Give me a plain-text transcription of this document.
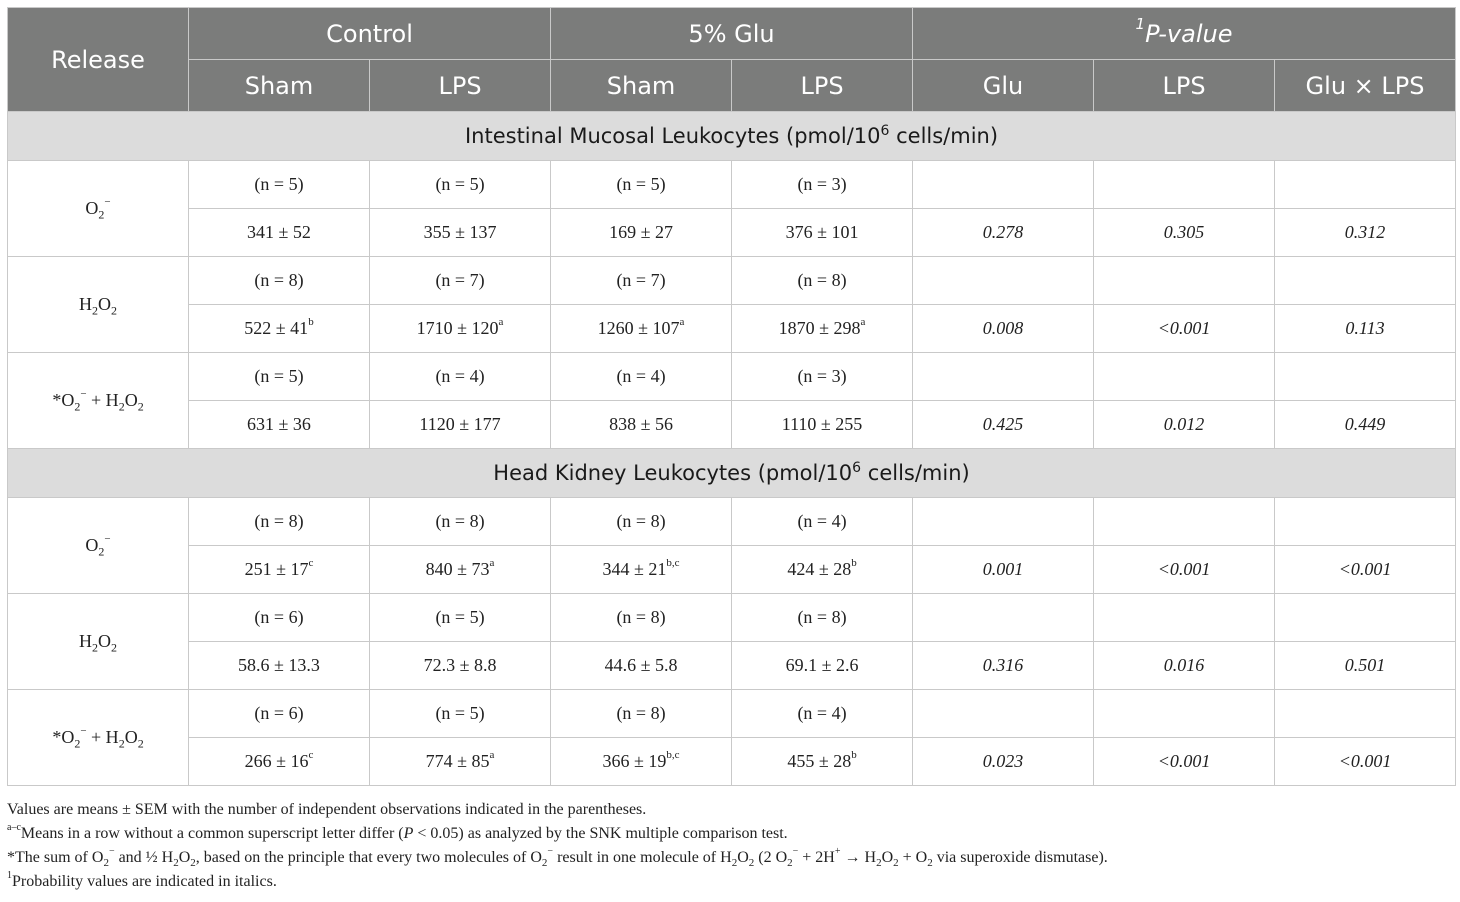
Release	Control		5% Glu		$^1$P-value		
	Sham	LPS	Sham	LPS	Glu	LPS	Glu × LPS
Intestinal Mucosal Leukocytes ($pmol/10^6$ cells/min)							
$O_2^-$	(n = 5)	(n = 5)	(n = 5)	(n = 3)			
	341 ± 52	355 ± 137	169 ± 27	376 ± 101	0.278	0.305	0.312
$H_2O_2$	(n = 8)	(n = 7)	(n = 7)	(n = 8)			
	$522 \pm 41^b$	$1710 \pm 120^a$	$1260 \pm 107^a$	$1870 \pm 298^a$	0.008	<0.001	0.113
$*O_2^- + H_2O_2$	(n = 5)	(n = 4)	(n = 4)	(n = 3)			
	631 ± 36	1120 ± 177	838 ± 56	1110 ± 255	0.425	0.012	0.449
Head Kidney Leukocytes ($pmol/10^6$ cells/min)							
$O_2^-$	(n = 8)	(n = 8)	(n = 8)	(n = 4)			
	$251 \pm 17^c$	$840 \pm 73^a$	$344 \pm 21^{b,c}$	$424 \pm 28^b$	0.001	<0.001	<0.001
$H_2O_2$	(n = 6)	(n = 5)	(n = 8)	(n = 8)			
	58.6 ± 13.3	72.3 ± 8.8	44.6 ± 5.8	69.1 ± 2.6	0.316	0.016	0.501
$*O_2^- + H_2O_2$	(n = 6)	(n = 5)	(n = 8)	(n = 4)			
	$266 \pm 16^c$	$774 \pm 85^a$	$366 \pm 19^{b,c}$	$455 \pm 28^b$	0.023	<0.001	<0.001
Values are means ± SEM with the number of independent observations indicated in the parentheses.
$^{a-c}$Means in a row without a common superscript letter differ (P < 0.05) as analyzed by the SNK multiple comparison test.
*The sum of $O_2^-$ and ½ $H_2O_2$, based on the principle that every two molecules of $O_2^-$ result in one molecule of $H_2O_2$ (2 $O_2^- + 2H^+ \to H_2O_2 + O_2$ via superoxide dismutase).
$^1$Probability values are indicated in italics.
